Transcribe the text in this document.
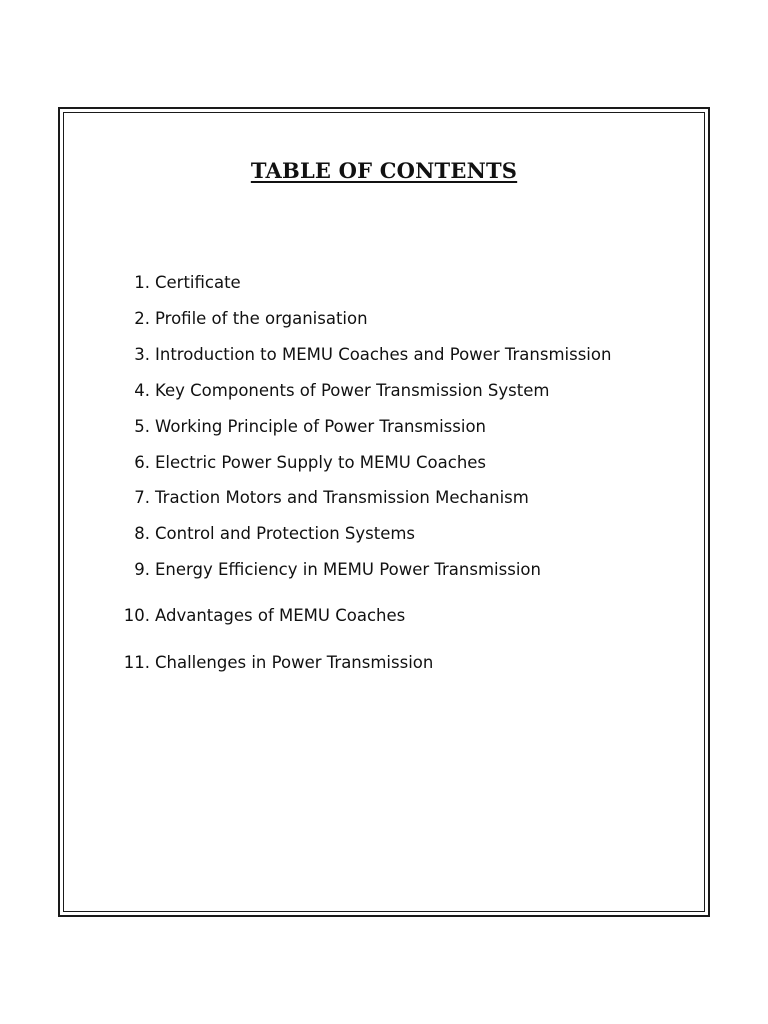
TABLE OF CONTENTS
1. Certificate
2. Profile of the organisation
3. Introduction to MEMU Coaches and Power Transmission
4. Key Components of Power Transmission System
5. Working Principle of Power Transmission
6. Electric Power Supply to MEMU Coaches
7. Traction Motors and Transmission Mechanism
8. Control and Protection Systems
9. Energy Efficiency in MEMU Power Transmission
10. Advantages of MEMU Coaches
11. Challenges in Power Transmission
